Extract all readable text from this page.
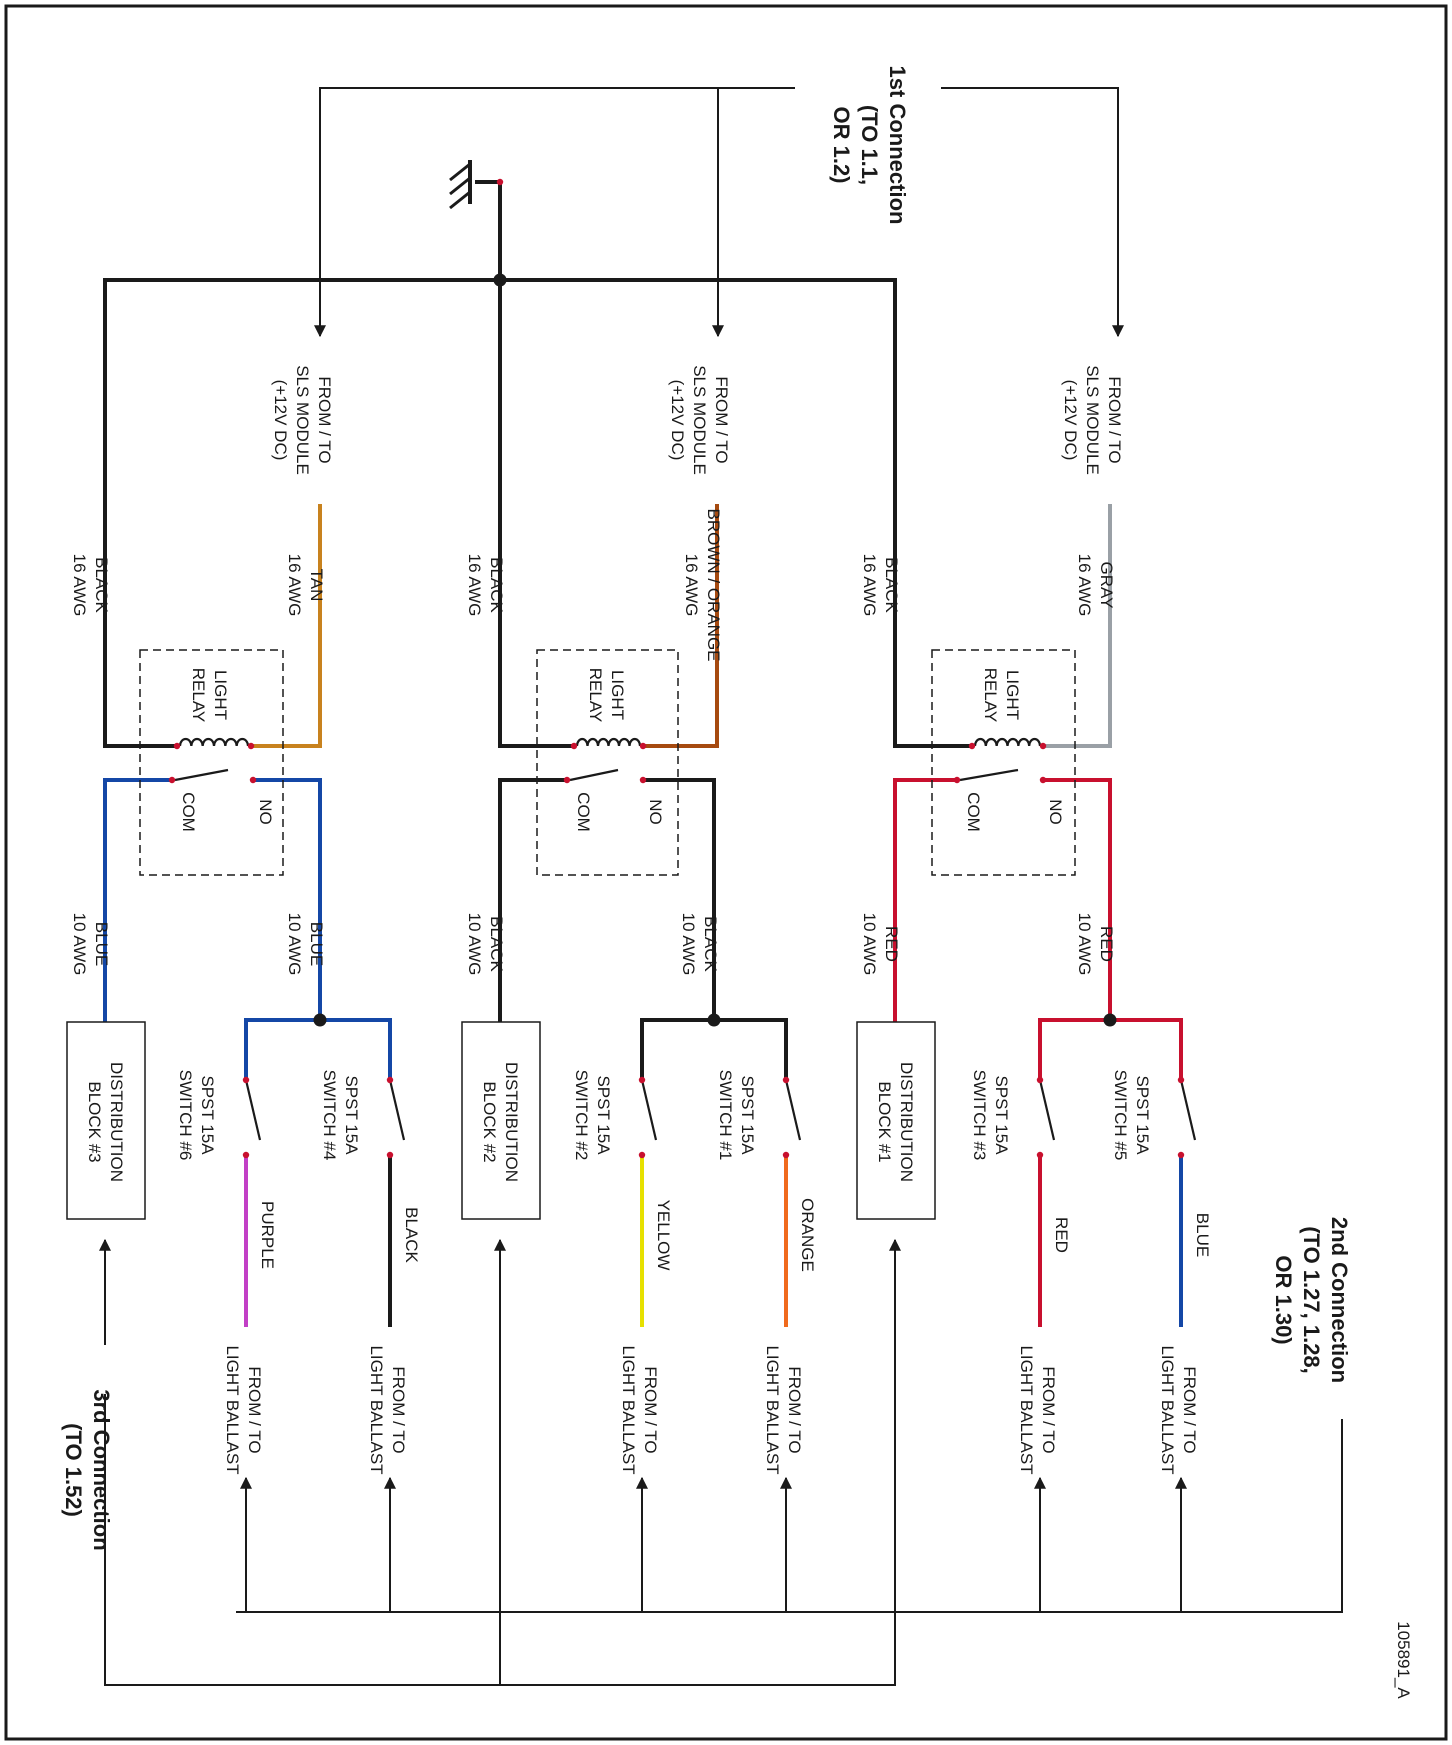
DISTRIBUTIONBLOCK #3	SPST 15ASWITCH #4
BLACK
FROM / TOLIGHT BALLAST
SPST 15ASWITCH #6
PURPLE
FROM / TOLIGHT BALLAST
TAN16 AWG
BLACK16 AWG
BLUE10 AWG
BLUE10 AWG
LIGHTRELAY
COM	NO
FROM / TOSLS MODULE(+12V DC)
DISTRIBUTIONBLOCK #2	SPST 15ASWITCH #1
ORANGE
FROM / TOLIGHT BALLAST
SPST 15ASWITCH #2
YELLOW
FROM / TOLIGHT BALLAST
BROWN / ORANGE16 AWG
BLACK16 AWG
BLACK10 AWG
BLACK10 AWG
LIGHTRELAY
COM	NO
FROM / TOSLS MODULE(+12V DC)
DISTRIBUTIONBLOCK #1	SPST 15ASWITCH #5
BLUE
FROM / TOLIGHT BALLAST
SPST 15ASWITCH #3
RED
FROM / TOLIGHT BALLAST
GRAY16 AWG
BLACK16 AWG
RED10 AWG
RED10 AWG
LIGHTRELAY
COM	NO
FROM / TOSLS MODULE(+12V DC)
1st Connection(TO 1.1,OR 1.2)
2nd Connection(TO 1.27, 1.28,OR 1.30)
3rd Connection(TO 1.52)
105891_A
